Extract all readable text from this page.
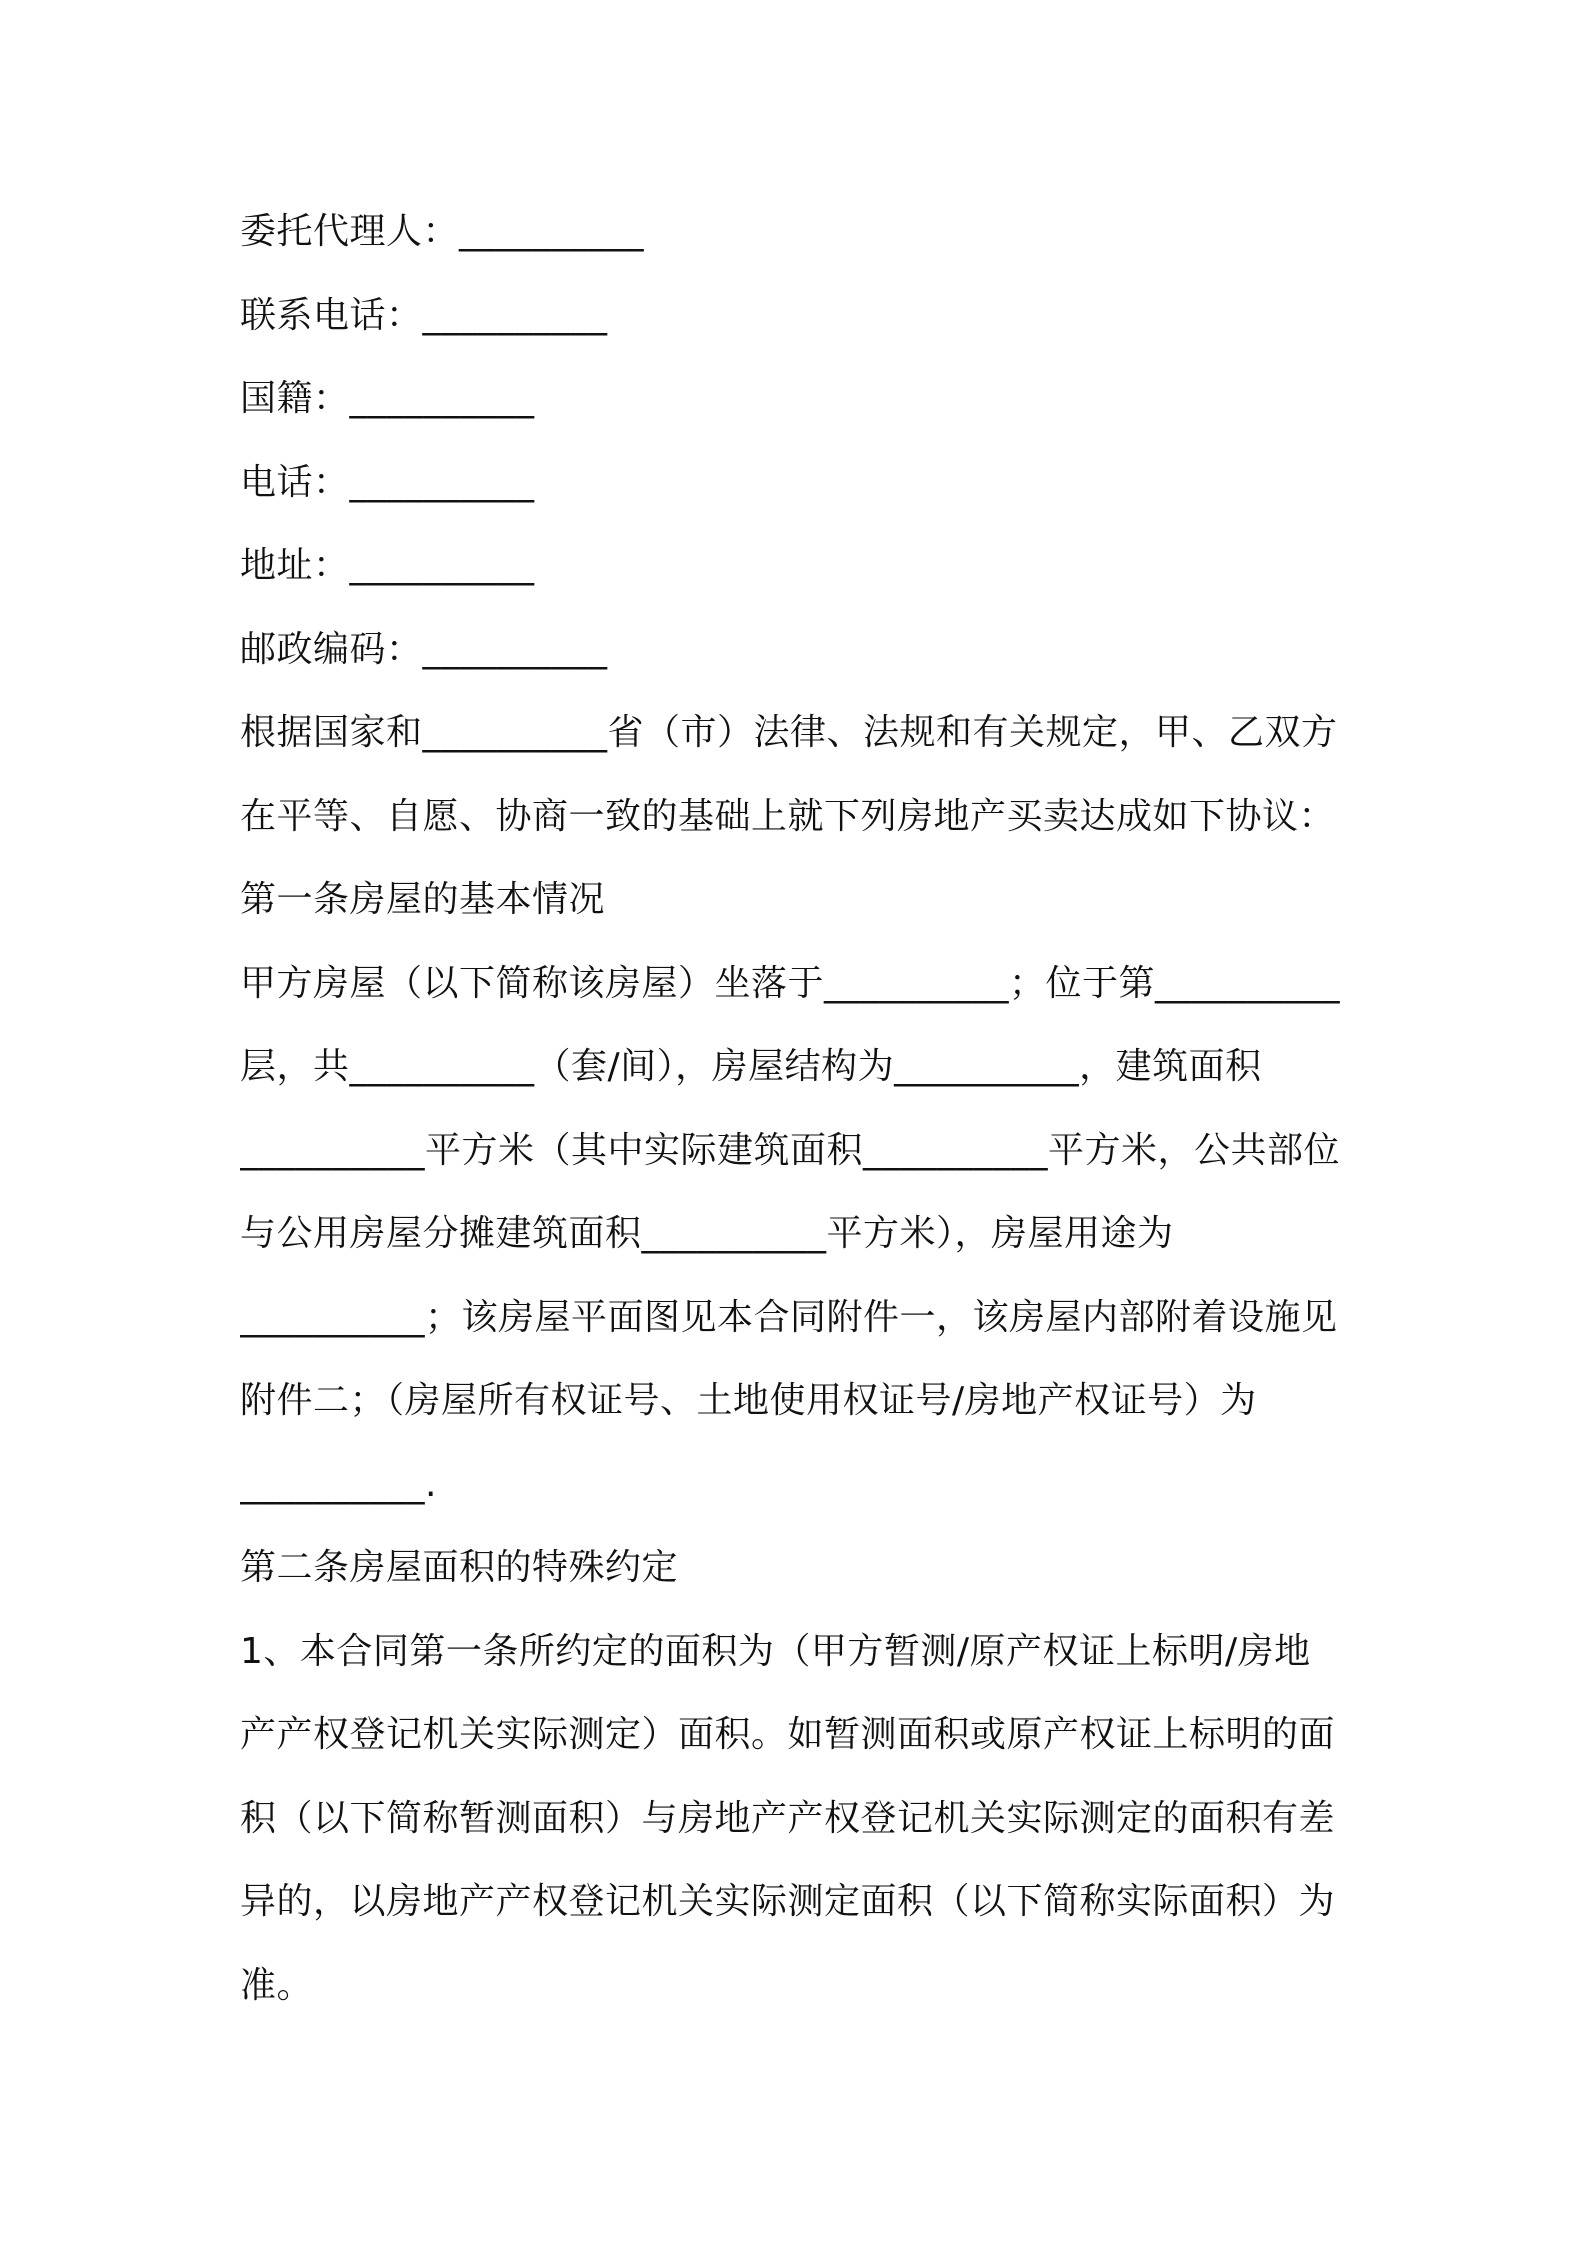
委托代理人：__________
联系电话：__________
国籍：__________
电话：__________
地址：__________
邮政编码：__________
根据国家和__________省（市）法律、法规和有关规定，甲、乙双方
在平等、自愿、协商一致的基础上就下列房地产买卖达成如下协议：
第一条房屋的基本情况
甲方房屋（以下简称该房屋）坐落于__________；位于第__________
层，共__________（套/间），房屋结构为__________，建筑面积
__________平方米（其中实际建筑面积__________平方米，公共部位
与公用房屋分摊建筑面积__________平方米），房屋用途为
__________；该房屋平面图见本合同附件一，该房屋内部附着设施见
附件二；（房屋所有权证号、土地使用权证号/房地产权证号）为
__________.
第二条房屋面积的特殊约定
1、本合同第一条所约定的面积为（甲方暂测/原产权证上标明/房地
产产权登记机关实际测定）面积。如暂测面积或原产权证上标明的面
积（以下简称暂测面积）与房地产产权登记机关实际测定的面积有差
异的，以房地产产权登记机关实际测定面积（以下简称实际面积）为
准。
